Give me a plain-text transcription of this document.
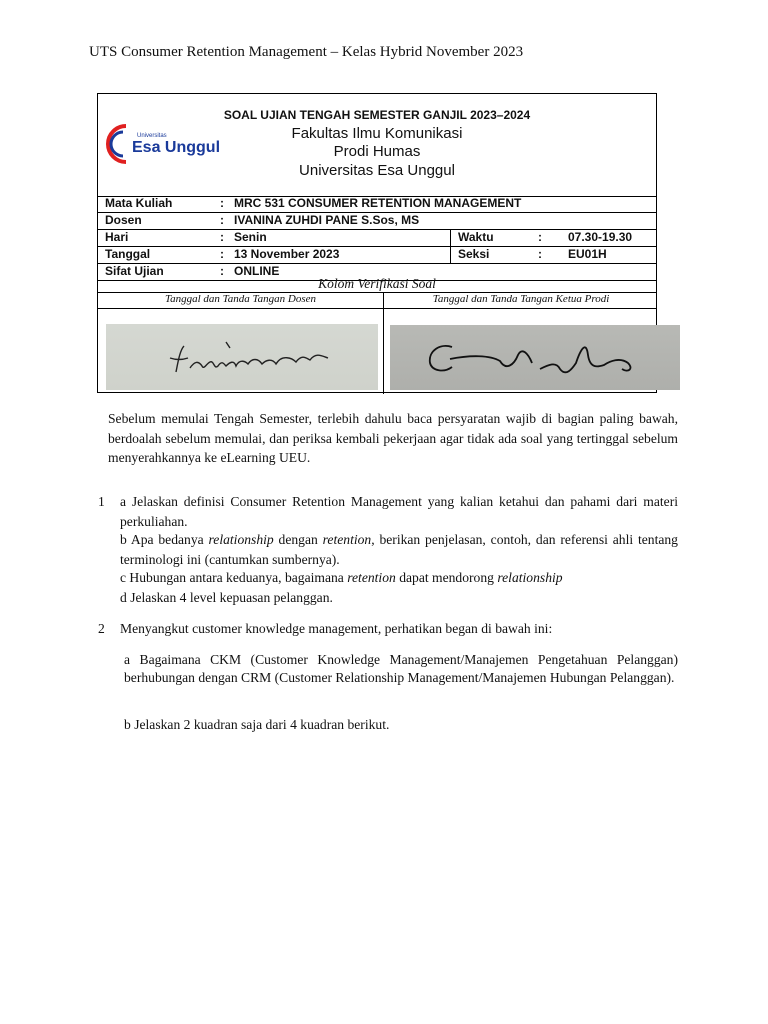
UTS Consumer Retention Management – Kelas Hybrid November 2023
Universitas
Esa Unggul
SOAL UJIAN TENGAH SEMESTER GANJIL 2023–2024
Fakultas Ilmu Komunikasi
Prodi Humas
Universitas Esa Unggul
Mata Kuliah	: MRC 531 CONSUMER RETENTION MANAGEMENT
Dosen	: IVANINA ZUHDI PANE S.Sos, MS
Hari	: Senin	Waktu	: 07.30-19.30
Tanggal	: 13 November 2023	Seksi	: EU01H
Sifat Ujian	: ONLINE
Kolom Verifikasi Soal
Tanggal dan Tanda Tangan Dosen	Tanggal dan Tanda Tangan Ketua Prodi
Sebelum memulai Tengah Semester, terlebih dahulu baca persyaratan wajib di bagian paling bawah, berdoalah sebelum memulai, dan periksa kembali pekerjaan agar tidak ada soal yang tertinggal sebelum menyerahkannya ke eLearning UEU.
1 a Jelaskan definisi Consumer Retention Management yang kalian ketahui dan pahami dari materi perkuliahan.
b Apa bedanya relationship dengan retention, berikan penjelasan, contoh, dan referensi ahli tentang terminologi ini (cantumkan sumbernya).
c Hubungan antara keduanya, bagaimana retention dapat mendorong relationship
d Jelaskan 4 level kepuasan pelanggan.
2 Menyangkut customer knowledge management, perhatikan began di bawah ini:
a Bagaimana CKM (Customer Knowledge Management/Manajemen Pengetahuan Pelanggan) berhubungan dengan CRM (Customer Relationship Management/Manajemen Hubungan Pelanggan).
b Jelaskan 2 kuadran saja dari 4 kuadran berikut.
